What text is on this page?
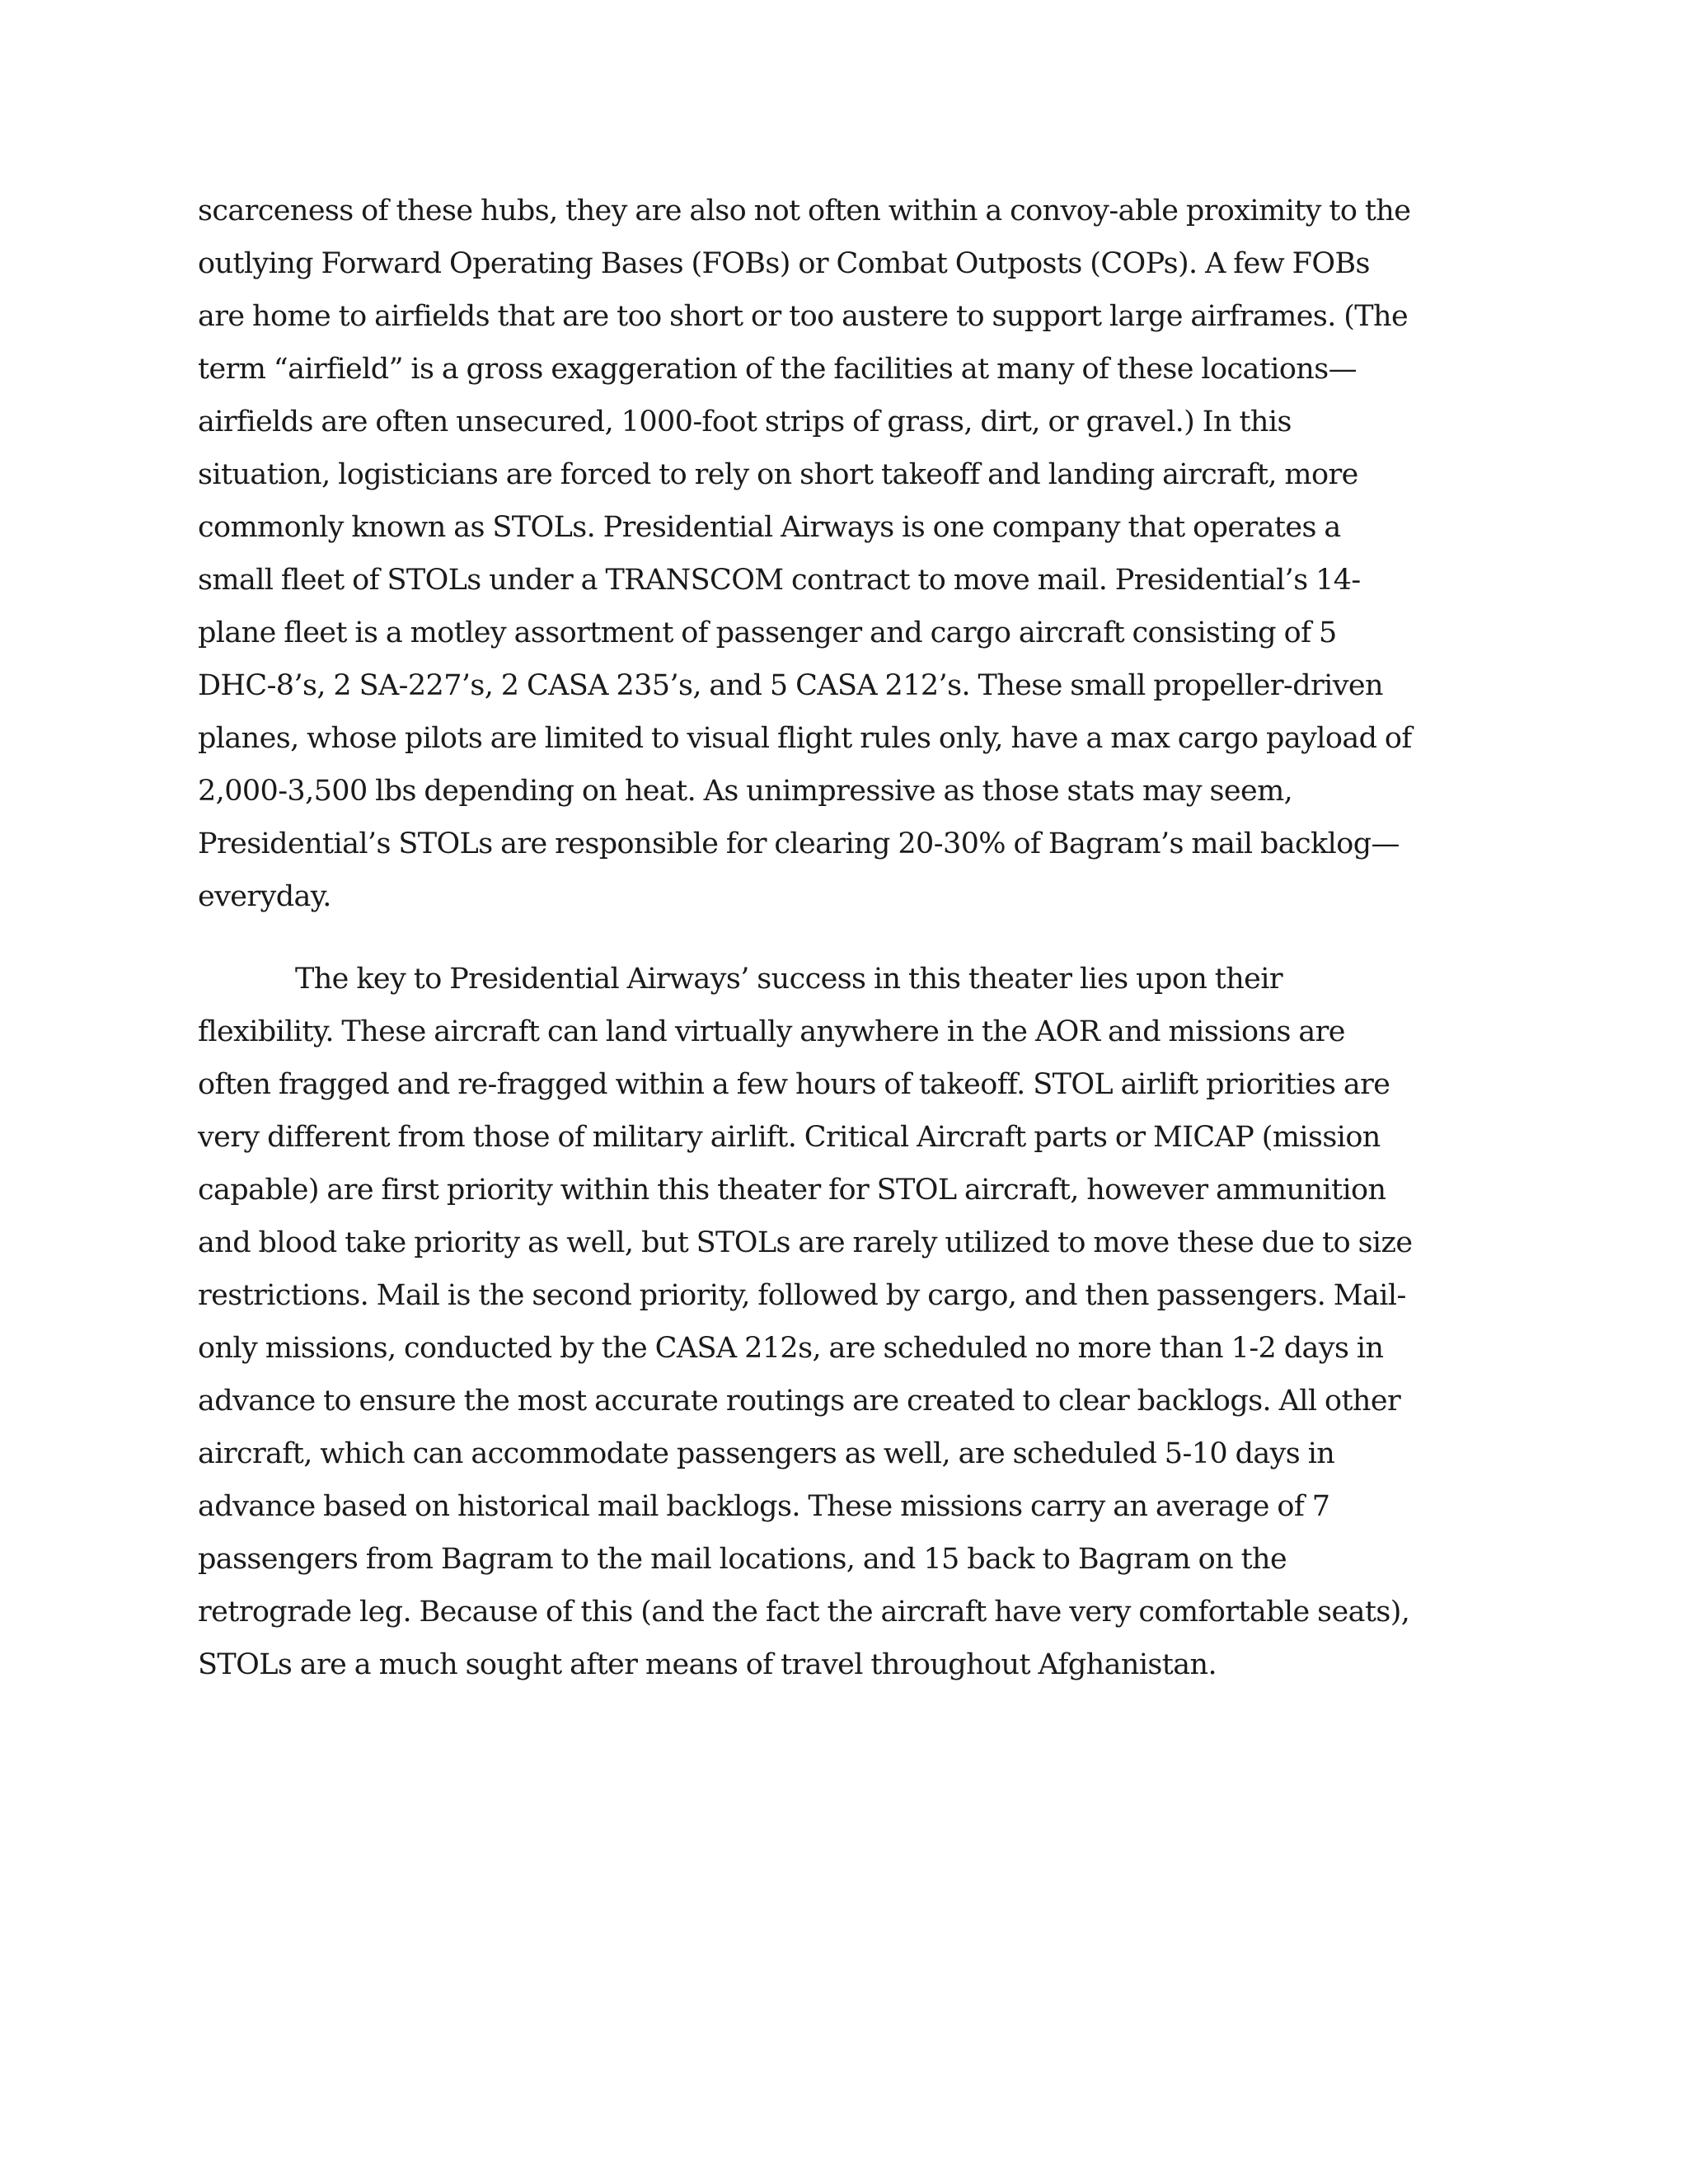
scarceness of these hubs, they are also not often within a convoy-able proximity to the
outlying Forward Operating Bases (FOBs) or Combat Outposts (COPs). A few FOBs
are home to airfields that are too short or too austere to support large airframes. (The
term “airfield” is a gross exaggeration of the facilities at many of these locations—
airfields are often unsecured, 1000-foot strips of grass, dirt, or gravel.) In this
situation, logisticians are forced to rely on short takeoff and landing aircraft, more
commonly known as STOLs. Presidential Airways is one company that operates a
small fleet of STOLs under a TRANSCOM contract to move mail. Presidential’s 14-
plane fleet is a motley assortment of passenger and cargo aircraft consisting of 5
DHC-8’s, 2 SA-227’s, 2 CASA 235’s, and 5 CASA 212’s. These small propeller-driven
planes, whose pilots are limited to visual flight rules only, have a max cargo payload of
2,000-3,500 lbs depending on heat. As unimpressive as those stats may seem,
Presidential’s STOLs are responsible for clearing 20-30% of Bagram’s mail backlog—
everyday.
The key to Presidential Airways’ success in this theater lies upon their
flexibility. These aircraft can land virtually anywhere in the AOR and missions are
often fragged and re-fragged within a few hours of takeoff. STOL airlift priorities are
very different from those of military airlift. Critical Aircraft parts or MICAP (mission
capable) are first priority within this theater for STOL aircraft, however ammunition
and blood take priority as well, but STOLs are rarely utilized to move these due to size
restrictions. Mail is the second priority, followed by cargo, and then passengers. Mail-
only missions, conducted by the CASA 212s, are scheduled no more than 1-2 days in
advance to ensure the most accurate routings are created to clear backlogs. All other
aircraft, which can accommodate passengers as well, are scheduled 5-10 days in
advance based on historical mail backlogs. These missions carry an average of 7
passengers from Bagram to the mail locations, and 15 back to Bagram on the
retrograde leg. Because of this (and the fact the aircraft have very comfortable seats),
STOLs are a much sought after means of travel throughout Afghanistan.
